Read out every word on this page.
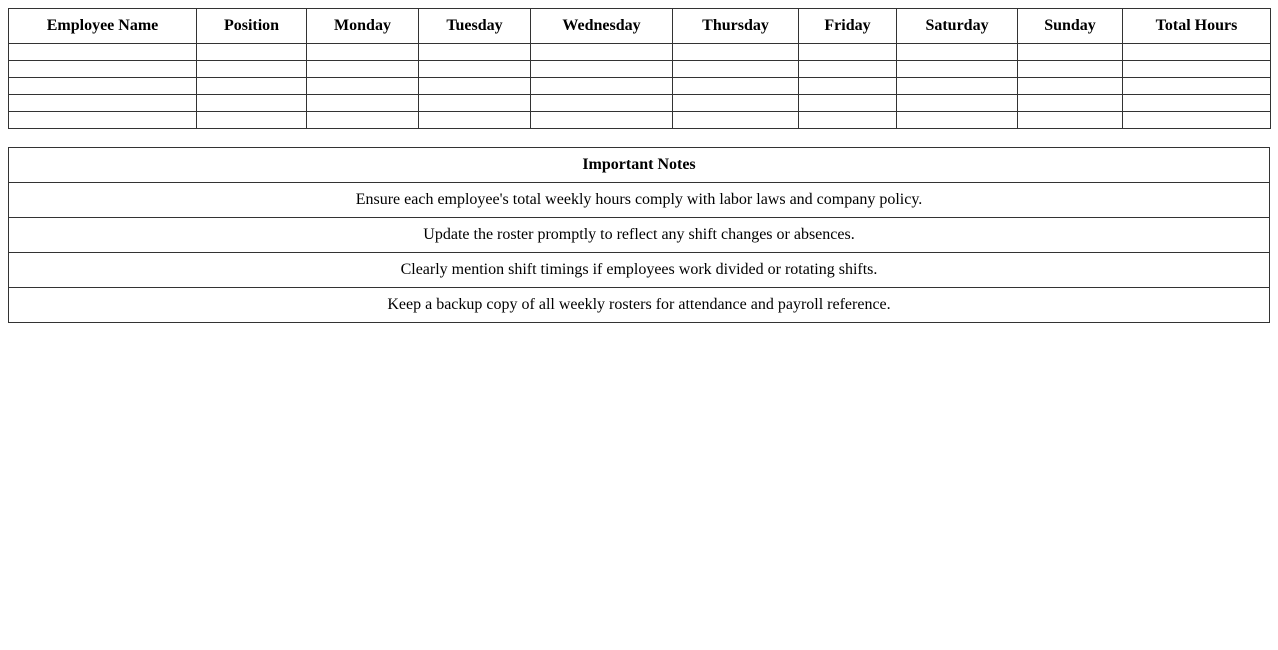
Employee Name	Position	Monday	Tuesday	Wednesday	Thursday	Friday	Saturday	Sunday	Total Hours

Important Notes
Ensure each employee's total weekly hours comply with labor laws and company policy.
Update the roster promptly to reflect any shift changes or absences.
Clearly mention shift timings if employees work divided or rotating shifts.
Keep a backup copy of all weekly rosters for attendance and payroll reference.
